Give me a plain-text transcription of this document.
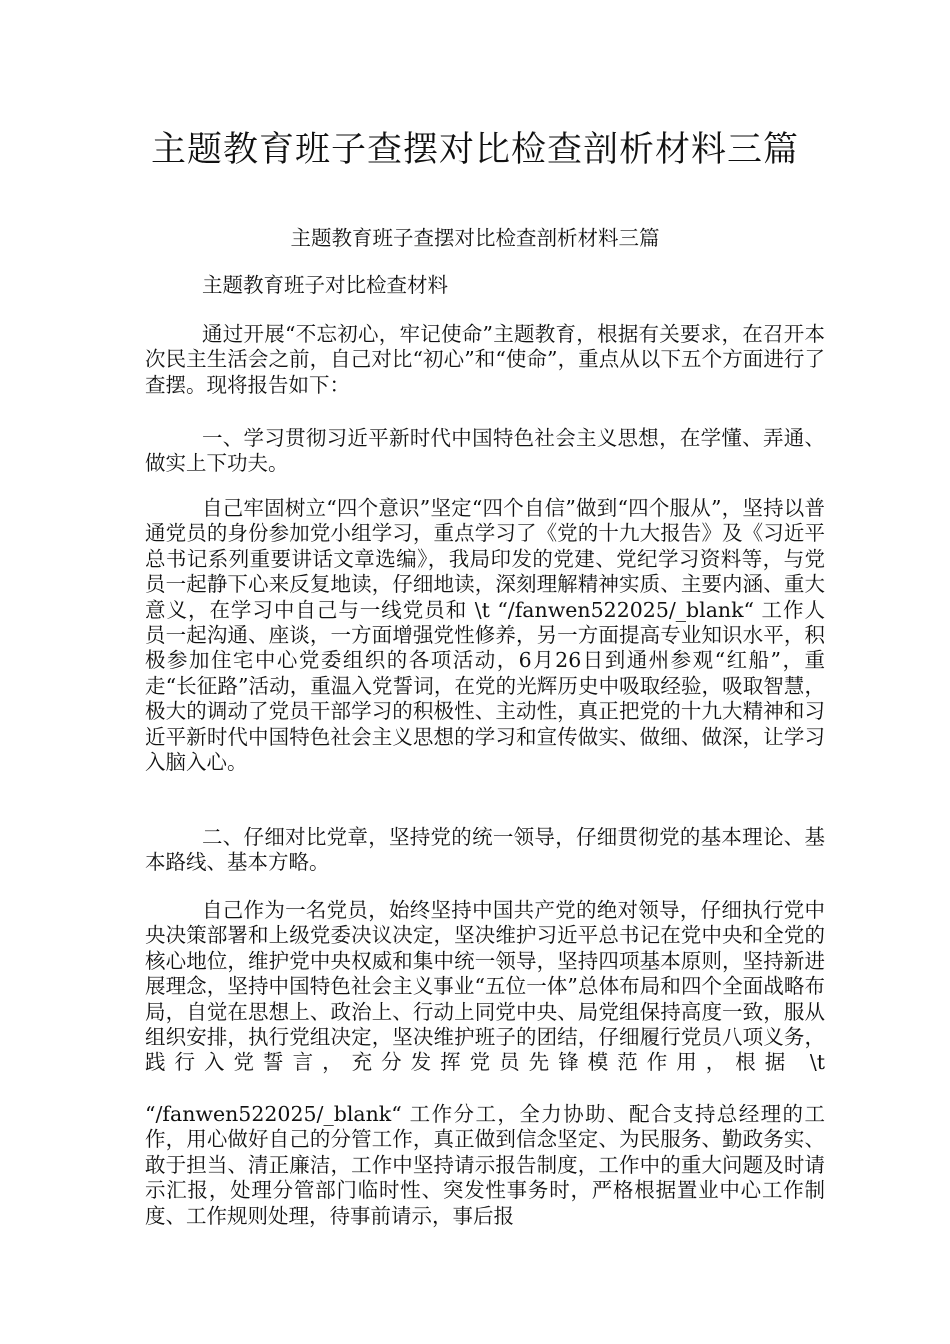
主题教育班子查摆对比检查剖析材料三篇

主题教育班子查摆对比检查剖析材料三篇

主题教育班子对比检查材料

通过开展“不忘初心，牢记使命”主题教育，根据有关要求，在召开本次民主生活会之前，自己对比“初心”和“使命”，重点从以下五个方面进行了查摆。现将报告如下：

一、学习贯彻习近平新时代中国特色社会主义思想，在学懂、弄通、做实上下功夫。

自己牢固树立“四个意识”坚定“四个自信”做到“四个服从”，坚持以普通党员的身份参加党小组学习，重点学习了《党的十九大报告》及《习近平总书记系列重要讲话文章选编》，我局印发的党建、党纪学习资料等，与党员一起静下心来反复地读，仔细地读，深刻理解精神实质、主要内涵、重大意义，在学习中自己与一线党员和 \t “/fanwen522025/_blank“ 工作人员一起沟通、座谈，一方面增强党性修养，另一方面提高专业知识水平，积极参加住宅中心党委组织的各项活动，6月26日到通州参观“红船”，重走“长征路”活动，重温入党誓词，在党的光辉历史中吸取经验，吸取智慧，极大的调动了党员干部学习的积极性、主动性，真正把党的十九大精神和习近平新时代中国特色社会主义思想的学习和宣传做实、做细、做深，让学习入脑入心。

二、仔细对比党章，坚持党的统一领导，仔细贯彻党的基本理论、基本路线、基本方略。

自己作为一名党员，始终坚持中国共产党的绝对领导，仔细执行党中央决策部署和上级党委决议决定，坚决维护习近平总书记在党中央和全党的核心地位，维护党中央权威和集中统一领导，坚持四项基本原则，坚持新进展理念，坚持中国特色社会主义事业“五位一体”总体布局和四个全面战略布局，自觉在思想上、政治上、行动上同党中央、局党组保持高度一致，服从组织安排，执行党组决定，坚决维护班子的团结，仔细履行党员八项义务，践行入党誓言，充分发挥党员先锋模范作用，根据 \t

“/fanwen522025/_blank“ 工作分工，全力协助、配合支持总经理的工作，用心做好自己的分管工作，真正做到信念坚定、为民服务、勤政务实、敢于担当、清正廉洁，工作中坚持请示报告制度，工作中的重大问题及时请示汇报，处理分管部门临时性、突发性事务时，严格根据置业中心工作制度、工作规则处理，待事前请示，事后报
